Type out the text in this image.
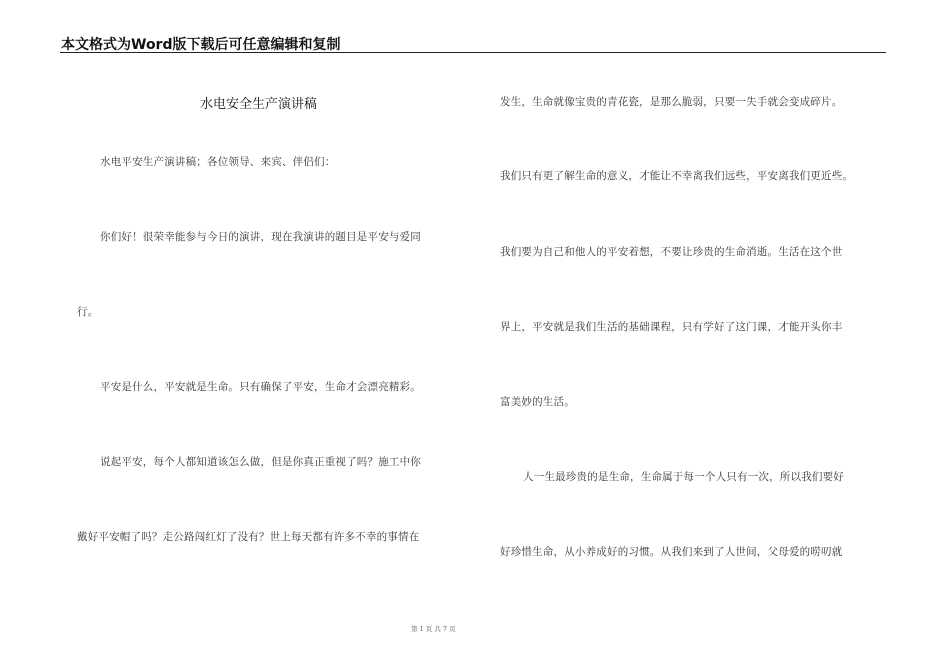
本文格式为Word版下载后可任意编辑和复制
水电安全生产演讲稿
水电平安生产演讲稿；各位领导、来宾、伴侣们：
你们好！很荣幸能参与今日的演讲，现在我演讲的题目是平安与爱同
行。
平安是什么，平安就是生命。只有确保了平安，生命才会漂亮精彩。
说起平安，每个人都知道该怎么做，但是你真正重视了吗？施工中你
戴好平安帽了吗？走公路闯红灯了没有？世上每天都有许多不幸的事情在
发生，生命就像宝贵的青花瓷，是那么脆弱，只要一失手就会变成碎片。
我们只有更了解生命的意义，才能让不幸离我们远些，平安离我们更近些。
我们要为自己和他人的平安着想，不要让珍贵的生命消逝。生活在这个世
界上，平安就是我们生活的基础课程，只有学好了这门课，才能开头你丰
富美妙的生活。
人一生最珍贵的是生命，生命属于每一个人只有一次，所以我们要好
好珍惜生命，从小养成好的习惯。从我们来到了人世间，父母爱的唠叨就
第 1 页 共 7 页
